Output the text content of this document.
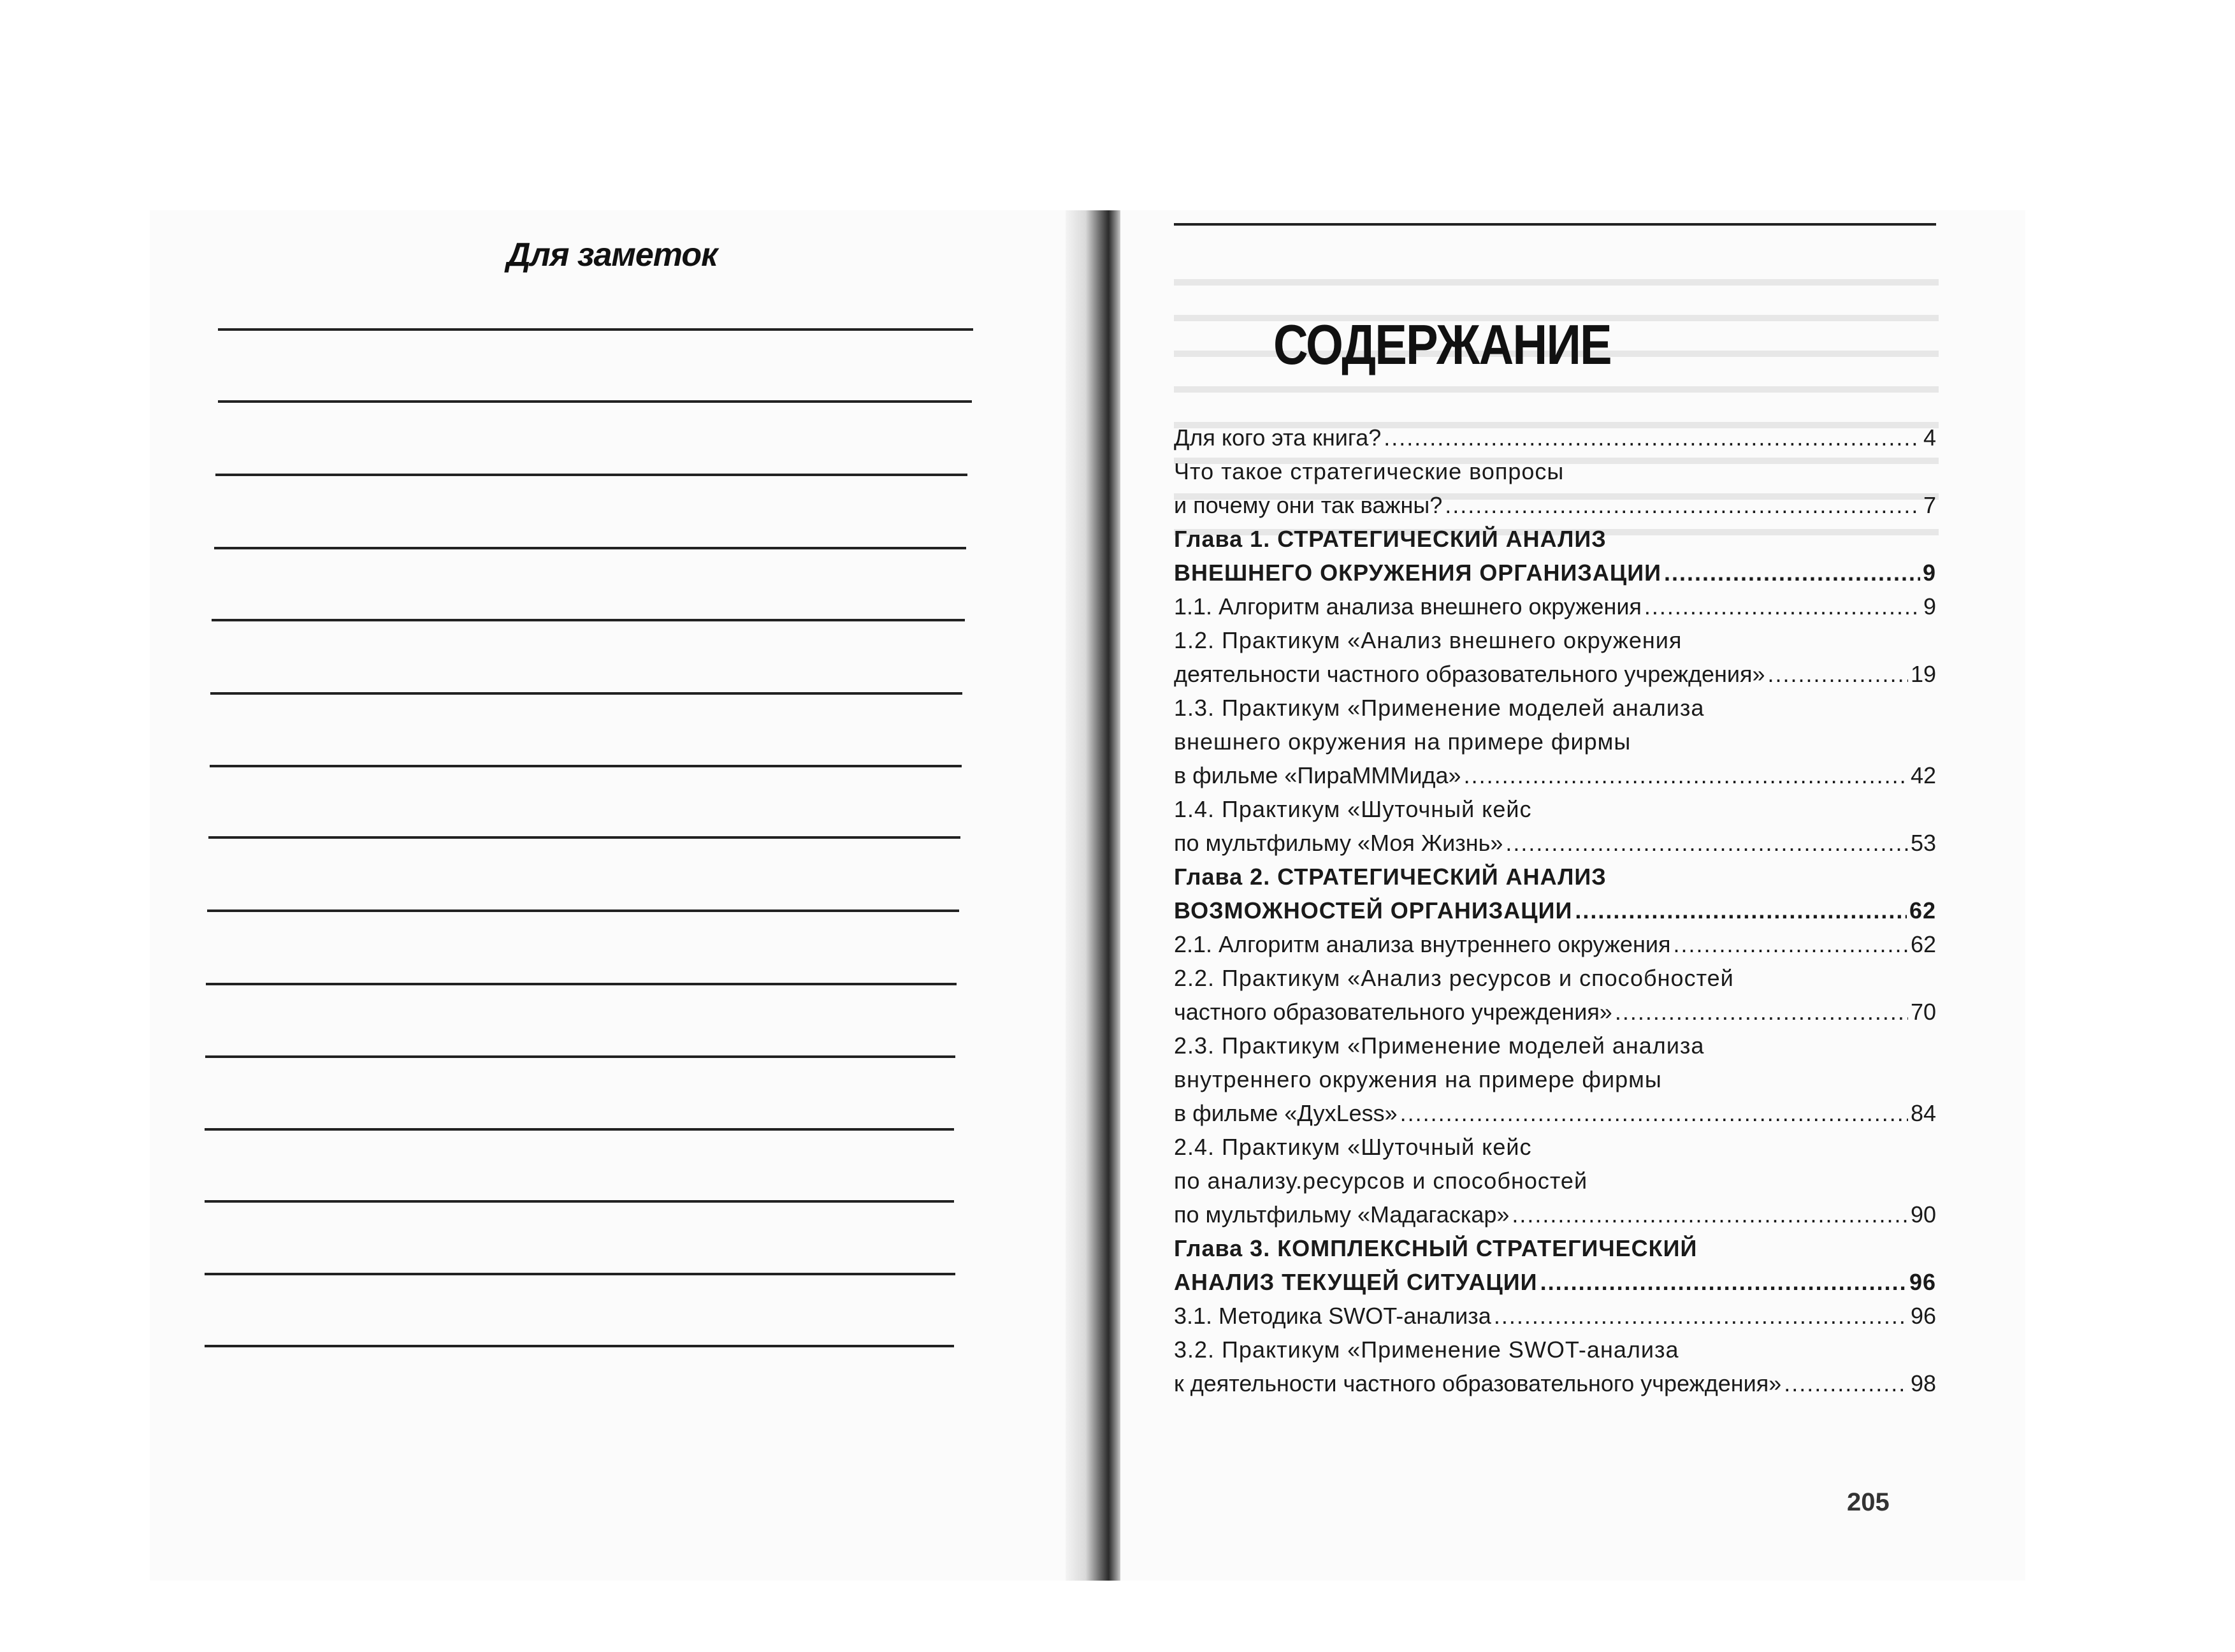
Для заметок
СОДЕРЖАНИЕ
Для кого эта книга? .....	4
Что такое стратегические вопросы
и почему они так важны? .....	7
Глава 1. СТРАТЕГИЧЕСКИЙ АНАЛИЗ
ВНЕШНЕГО ОКРУЖЕНИЯ ОРГАНИЗАЦИИ .....	9
1.1. Алгоритм анализа внешнего окружения .....	9
1.2. Практикум «Анализ внешнего окружения
деятельности частного образовательного учреждения» .....	19
1.3. Практикум «Применение моделей анализа
внешнего окружения на примере фирмы
в фильме «ПираМММида» .....	42
1.4. Практикум «Шуточный кейс
по мультфильму «Моя Жизнь» .....	53
Глава 2. СТРАТЕГИЧЕСКИЙ АНАЛИЗ
ВОЗМОЖНОСТЕЙ ОРГАНИЗАЦИИ .....	62
2.1. Алгоритм анализа внутреннего окружения .....	62
2.2. Практикум «Анализ ресурсов и способностей
частного образовательного учреждения» .....	70
2.3. Практикум «Применение моделей анализа
внутреннего окружения на примере фирмы
в фильме «ДухLess» .....	84
2.4. Практикум «Шуточный кейс
по анализу.ресурсов и способностей
по мультфильму «Мадагаскар» .....	90
Глава 3. КОМПЛЕКСНЫЙ СТРАТЕГИЧЕСКИЙ
АНАЛИЗ ТЕКУЩЕЙ СИТУАЦИИ .....	96
3.1. Методика SWOT-анализа .....	96
3.2. Практикум «Применение SWOT-анализа
к деятельности частного образовательного учреждения» .....	98
205
